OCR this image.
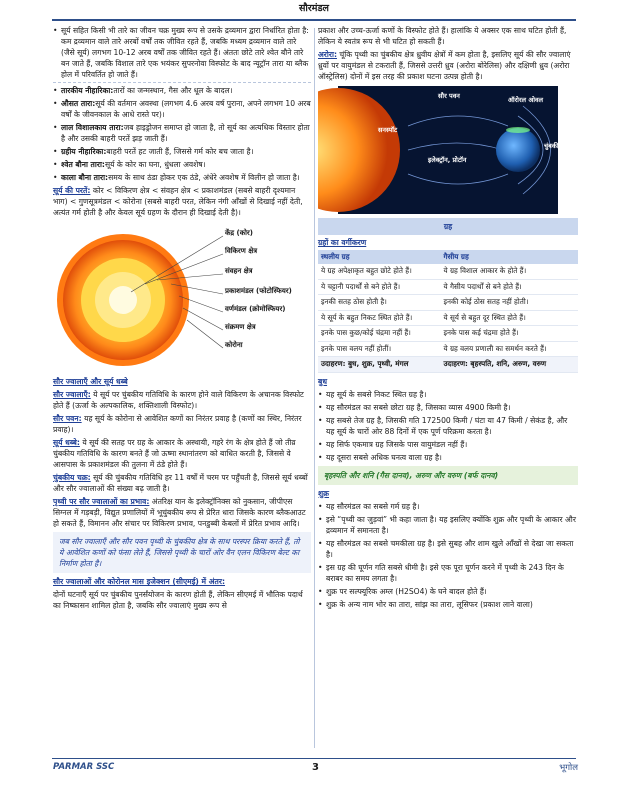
सौरमंडल

• सूर्य सहित किसी भी तारे का जीवन चक्र मुख्य रूप से उसके द्रव्यमान द्वारा निर्धारित होता है: कम द्रव्यमान वाले तारे अरबों वर्षों तक जीवित रहते हैं, जबकि मध्यम द्रव्यमान वाले तारे (जैसे सूर्य) लगभग 10-12 अरब वर्षों तक जीवित रहते हैं। अंततः छोटे तारे श्वेत बौने तारे बन जाते हैं, जबकि विशाल तारे एक भयंकर सुपरनोवा विस्फोट के बाद न्यूट्रॉन तारा या ब्लैक होल में परिवर्तित हो जाते हैं।

• तारकीय नीहारिका:तारों का जन्मस्थान, गैस और धूल के बादल।

• औसत तारा:सूर्य की वर्तमान अवस्था (लगभग 4.6 अरब वर्ष पुराना, अपने लगभग 10 अरब वर्षों के जीवनकाल के आधे रास्ते पर)।

• लाल विशालकाय तारा:जब हाइड्रोजन समाप्त हो जाता है, तो सूर्य का अत्यधिक विस्तार होता है और उसकी बाहरी परतें झड़ जाती हैं।

• ग्रहीय नीहारिका:बाहरी परतें हट जाती हैं, जिससे गर्म कोर बच जाता है।

• श्वेत बौना तारा:सूर्य के कोर का घना, धुंधला अवशेष।

• काला बौना तारा:समय के साथ ठंडा होकर एक ठंडे, अंधेरे अवशेष में विलीन हो जाता है।

सूर्य की परतें: कोर < विकिरण क्षेत्र < संवहन क्षेत्र < प्रकाशमंडल (सबसे बाहरी दृश्यमान भाग) < गुणसूत्रमंडल < कोरोना (सबसे बाहरी परत, लेकिन नंगी आँखों से दिखाई नहीं देती, अत्यंत गर्म होती है और केवल सूर्य ग्रहण के दौरान ही दिखाई देती है)।

केंद्र (कोर)
विकिरण क्षेत्र
संवहन क्षेत्र
प्रकाशमंडल (फोटोस्फियर)
वर्णमंडल (क्रोमोस्फियर)
संक्रमण क्षेत्र
कोरोना

सौर ज्वालाएँ और सूर्य धब्बे

सौर ज्वालाएँ: ये सूर्य पर चुंबकीय गतिविधि के कारण होने वाले विकिरण के अचानक विस्फोट होते हैं (ऊर्जा के अल्पकालिक, शक्तिशाली विस्फोट)।

सौर पवन: यह सूर्य के कोरोना से आवेशित कणों का निरंतर प्रवाह है (कणों का स्थिर, निरंतर प्रवाह)।

सूर्य धब्बे: ये सूर्य की सतह पर ग्रह के आकार के अस्थायी, गहरे रंग के क्षेत्र होते हैं जो तीव्र चुंबकीय गतिविधि के कारण बनते हैं जो ऊष्मा स्थानांतरण को बाधित करती है, जिससे वे आसपास के प्रकाशमंडल की तुलना में ठंडे होते हैं।

चुंबकीय चक्र: सूर्य की चुंबकीय गतिविधि हर 11 वर्षों में चरम पर पहुँचती है, जिससे सूर्य धब्बों और सौर ज्वालाओं की संख्या बढ़ जाती है।

पृथ्वी पर सौर ज्वालाओं का प्रभाव: अंतरिक्ष यान के इलेक्ट्रॉनिक्स को नुकसान, जीपीएस सिग्नल में गड़बड़ी, विद्युत प्रणालियों में भूचुंबकीय रूप से प्रेरित धारा जिसके कारण ब्लैकआउट हो सकते हैं, विमानन और संचार पर विकिरण प्रभाव, पनडुब्बी केबलों में प्रेरित प्रभाव आदि।

जब सौर ज्वालाएँ और सौर पवन पृथ्वी के चुंबकीय क्षेत्र के साथ परस्पर क्रिया करते हैं, तो ये आवेशित कणों को फंसा लेते हैं, जिससे पृथ्वी के चारों ओर वैन एलन विकिरण बेल्ट का निर्माण होता है।

सौर ज्वालाओं और कोरोनल मास इजेक्शन (सीएमई) में अंतर:

दोनों घटनाएँ सूर्य पर चुंबकीय पुनर्संयोजन के कारण होती हैं, लेकिन सीएमई में भौतिक पदार्थ का निष्कासन शामिल होता है, जबकि सौर ज्वालाएं मुख्य रूप से

प्रकाश और उच्च-ऊर्जा कणों के विस्फोट होते हैं। हालांकि ये अक्सर एक साथ घटित होती हैं, लेकिन ये स्वतंत्र रूप से भी घटित हो सकती हैं।

अरोरा: चूंकि पृथ्वी का चुंबकीय क्षेत्र ध्रुवीय क्षेत्रों में कम होता है, इसलिए सूर्य की सौर ज्वालाएं ध्रुवों पर वायुमंडल से टकराती हैं, जिससे उत्तरी ध्रुव (अरोरा बोरेलिस) और दक्षिणी ध्रुव (अरोरा ऑस्ट्रेलिस) दोनों में इस तरह की प्रकाश घटना उत्पन्न होती है।

सौर पवन
सनस्पॉट
इलेक्ट्रॉन, प्रोटॉन
ऑरोरल ओवल
चुंबकीय क्षेत्र
ग्रह

ग्रहों का वर्गीकरण

स्थलीय ग्रह	गैसीय ग्रह
ये ग्रह अपेक्षाकृत बहुत छोटे होते हैं।	ये ग्रह विशाल आकार के होते हैं।
ये चट्टानी पदार्थों से बने होते हैं।	ये गैसीय पदार्थों से बने होते हैं।
इनकी सतह ठोस होती है।	इनकी कोई ठोस सतह नहीं होती।
ये सूर्य के बहुत निकट स्थित होते हैं।	ये सूर्य से बहुत दूर स्थित होते हैं।
इनके पास कुछ/कोई चंद्रमा नहीं हैं।	इनके पास कई चंद्रमा होते हैं।
इनके पास वलय नहीं होतीं।	ये ग्रह वलय प्रणाली का समर्थन करते हैं।
उदाहरण: बुध, शुक्र, पृथ्वी, मंगल	उदाहरण: बृहस्पति, शनि, अरुण, वरुण

बुध

• यह सूर्य के सबसे निकट स्थित ग्रह है।

• यह सौरमंडल का सबसे छोटा ग्रह है, जिसका व्यास 4900 किमी है।

• यह सबसे तेज ग्रह है, जिसकी गति 172500 किमी / घंटा या 47 किमी / सेकंड है, और यह सूर्य के चारों ओर 88 दिनों में एक पूर्ण परिक्रमा करता है।

• यह सिर्फ एकमात्र ग्रह जिसके पास वायुमंडल नहीं हैं।

• यह दूसरा सबसे अधिक घनत्व वाला ग्रह है।

बृहस्पति और शनि (गैस दानव), अरुण और वरुण (बर्फ दानव)

शुक्र

• यह सौरमंडल का सबसे गर्म ग्रह है।

• इसे “पृथ्वी का जुड़वां” भी कहा जाता है। यह इसलिए क्योंकि शुक्र और पृथ्वी के आकार और द्रव्यमान में समानता है।

• यह सौरमंडल का सबसे चमकीला ग्रह है। इसे सुबह और शाम खुले आँखों से देखा जा सकता है।

• इस ग्रह की घूर्णन गति सबसे धीमी है। इसे एक पूरा घूर्णन करने में पृथ्वी के 243 दिन के बराबर का समय लगता है।

• शुक्र पर सल्फ्यूरिक अम्ल (H2SO4) के घने बादल होते हैं।

• शुक्र के अन्य नाम भोर का तारा, सांझ का तारा, लूसिफर (प्रकाश लाने वाला)

PARMAR SSC	3	भूगोल
